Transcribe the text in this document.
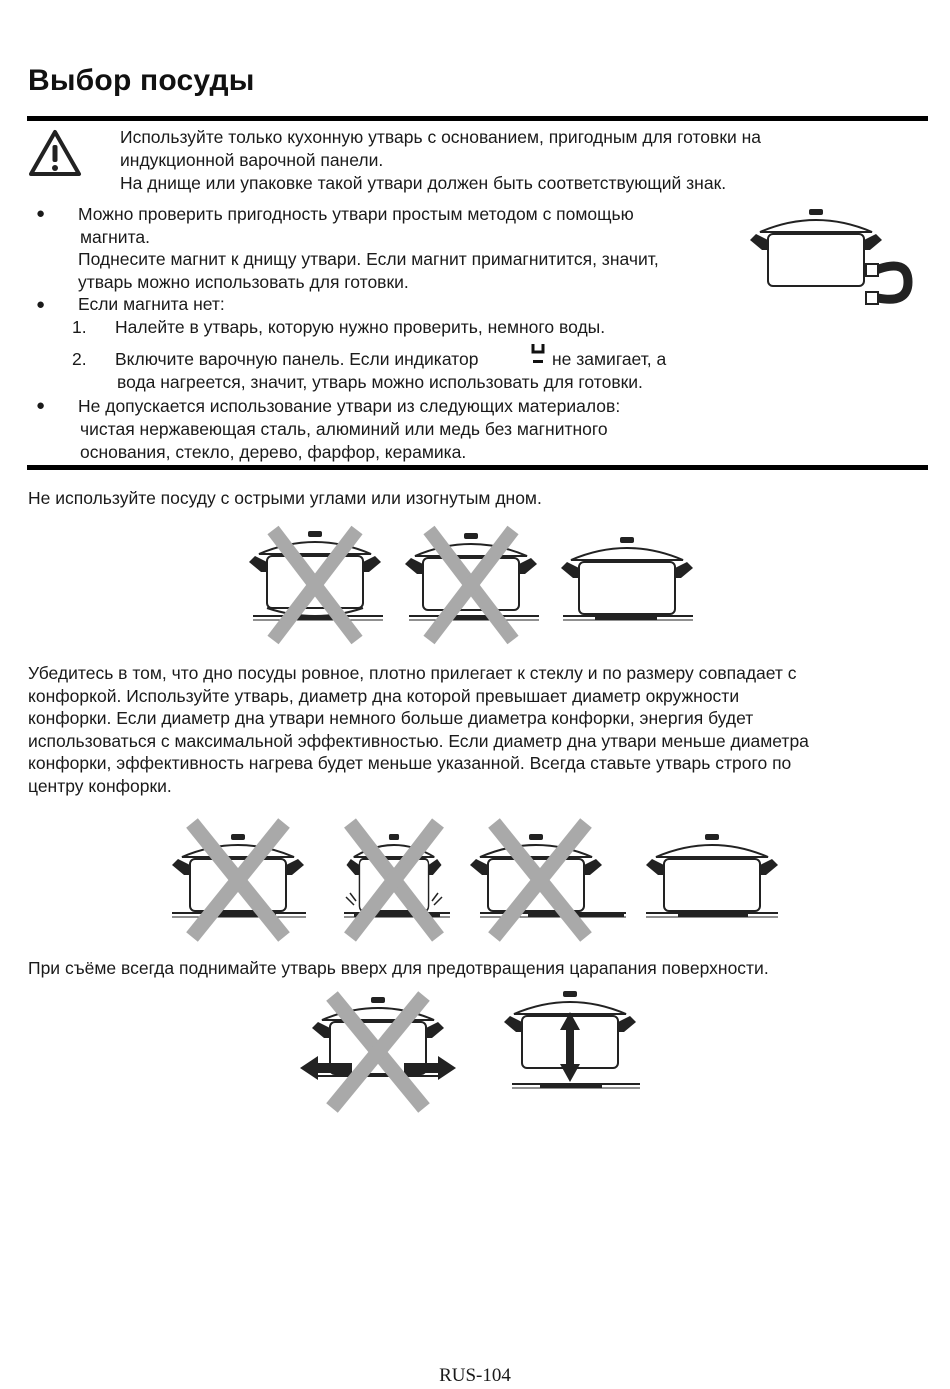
Выбор посуды
Используйте только кухонную утварь с основанием, пригодным для готовки на
индукционной варочной панели.
На днище или упаковке такой утвари должен быть соответствующий знак.
● Можно проверить пригодность утвари простым методом с помощью
магнита.
Поднесите магнит к днищу утвари. Если магнит примагнитится, значит,
утварь можно использовать для готовки.
● Если магнита нет:
1. Налейте в утварь, которую нужно проверить, немного воды.
2. Включите варочную панель. Если индикатор	не замигает, а
вода нагреется, значит, утварь можно использовать для готовки.
● Не допускается использование утвари из следующих материалов:
чистая нержавеющая сталь, алюминий или медь без магнитного
основания, стекло, дерево, фарфор, керамика.
Не используйте посуду с острыми углами или изогнутым дном.
Убедитесь в том, что дно посуды ровное, плотно прилегает к стеклу и по размеру совпадает с
конфоркой. Используйте утварь, диаметр дна которой превышает диаметр окружности
конфорки. Если диаметр дна утвари немного больше диаметра конфорки, энергия будет
использоваться с максимальной эффективностью. Если диаметр дна утвари меньше диаметра
конфорки, эффективность нагрева будет меньше указанной. Всегда ставьте утварь строго по
центру конфорки.
При съёме всегда поднимайте утварь вверх для предотвращения царапания поверхности.
RUS-104
